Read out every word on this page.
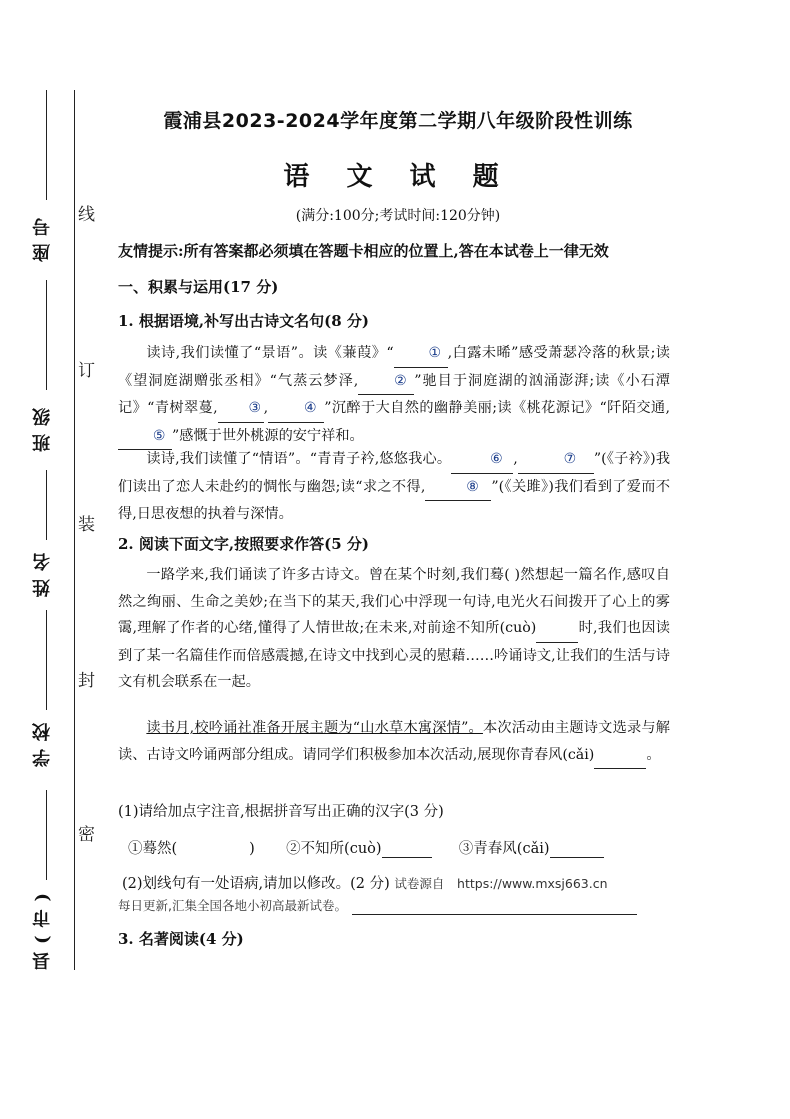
线
订
装
封
密
座号
班级
姓名
学校
县(市)
霞浦县2023-2024学年度第二学期八年级阶段性训练
语 文 试 题
(满分:100分;考试时间:120分钟)
友情提示:所有答案都必须填在答题卡相应的位置上,答在本试卷上一律无效
一、积累与运用(17 分)
1. 根据语境,补写出古诗文名句(8 分)

读诗,我们读懂了“景语”。读《蒹葭》“ ① ,白露未晞”感受萧瑟冷落的秋景;读《望洞庭湖赠张丞相》“气蒸云梦泽,	② ”驰目于洞庭湖的汹涌澎湃;读《小石潭记》“青树翠蔓, ③ ,	④ ”沉醉于大自然的幽静美丽;读《桃花源记》“阡陌交通,⑤ ”感慨于世外桃源的安宁祥和。

读诗,我们读懂了“情语”。“青青子衿,悠悠我心。	⑥ ,	⑦ ”(《子衿》)我们读出了恋人未赴约的惆怅与幽怨;读“求之不得,	⑧ ”(《关雎》)我们看到了爱而不得,日思夜想的执着与深情。

2. 阅读下面文字,按照要求作答(5 分)

一路学来,我们诵读了许多古诗文。曾在某个时刻,我们蓦( )然想起一篇名作,感叹自然之绚丽、生命之美妙;在当下的某天,我们心中浮现一句诗,电光火石间拨开了心上的雾霭,理解了作者的心绪,懂得了人情世故;在未来,对前途不知所(cuò)	时,我们也因读到了某一名篇佳作而倍感震撼,在诗文中找到心灵的慰藉……吟诵诗文,让我们的生活与诗文有机会联系在一起。

读书月,校吟诵社准备开展主题为“山水草木寓深情”。本次活动由主题诗文选录与解读、古诗文吟诵两部分组成。请同学们积极参加本次活动,展现你青春风(cǎi)	。

(1)请给加点字注音,根据拼音写出正确的汉字(3 分)
①蓦然(	) ②不知所(cuò)	③青春风(cǎi)
(2)划线句有一处语病,请加以修改。(2 分) 试卷源自 https://www.mxsj663.cn
每日更新,汇集全国各地小初高最新试卷。
3. 名著阅读(4 分)
